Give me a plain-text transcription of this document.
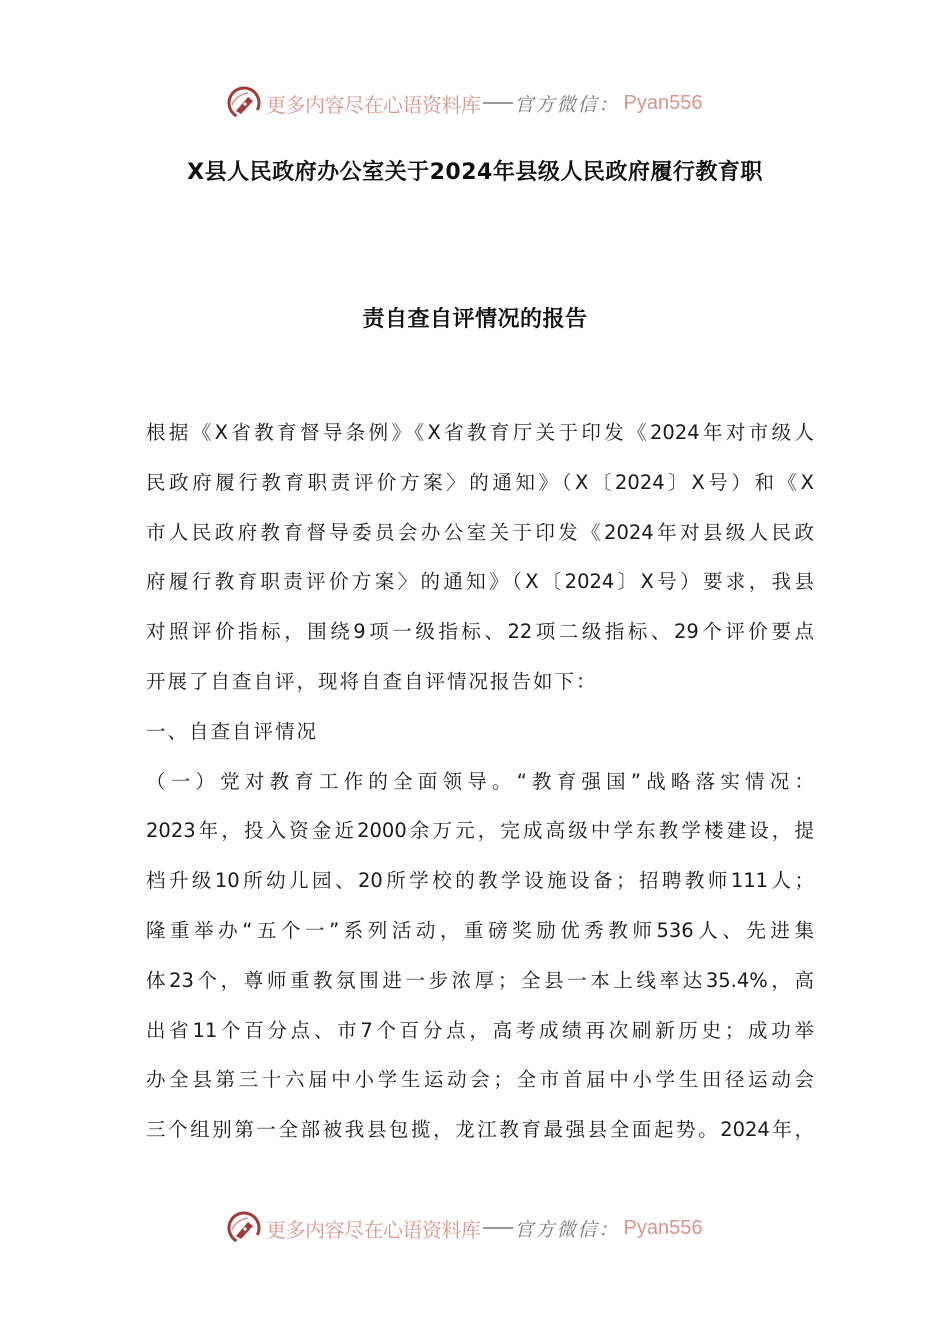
更多内容尽在心语资料库 官方微信： Pyan556
X县人民政府办公室关于2024年县级人民政府履行教育职
责自查自评情况的报告
根据《X省教育督导条例》《X省教育厅关于印发《2024年对市级人
民政府履行教育职责评价方案〉的通知》（X〔2024〕X号）和《X
市人民政府教育督导委员会办公室关于印发《2024年对县级人民政
府履行教育职责评价方案〉的通知》（X〔2024〕X号）要求，我县
对照评价指标，围绕9项一级指标、22项二级指标、29个评价要点
开展了自查自评，现将自查自评情况报告如下：
一、自查自评情况
（一）党对教育工作的全面领导。“教育强国”战略落实情况：
2023年，投入资金近2000余万元，完成高级中学东教学楼建设，提
档升级10所幼儿园、20所学校的教学设施设备；招聘教师111人；
隆重举办“五个一”系列活动，重磅奖励优秀教师536人、先进集
体23个，尊师重教氛围进一步浓厚；全县一本上线率达35.4%，高
出省11个百分点、市7个百分点，高考成绩再次刷新历史；成功举
办全县第三十六届中小学生运动会；全市首届中小学生田径运动会
三个组别第一全部被我县包揽，龙江教育最强县全面起势。2024年，
更多内容尽在心语资料库 官方微信： Pyan556
